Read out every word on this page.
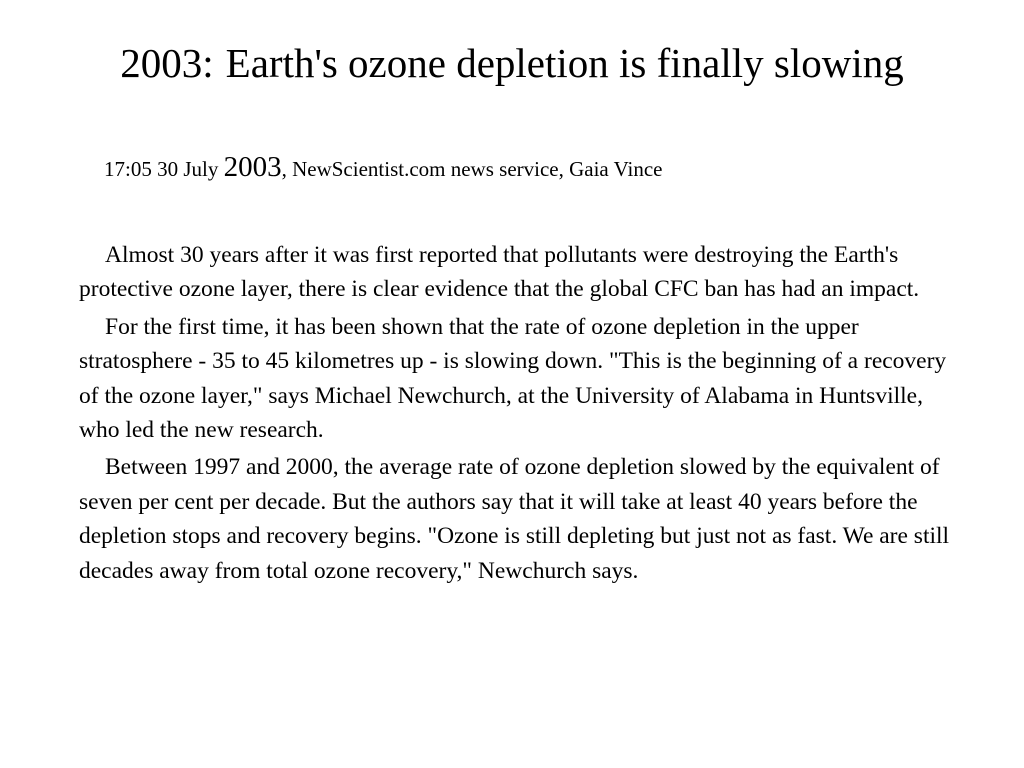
2003: Earth's ozone depletion is finally slowing
17:05 30 July 2003, NewScientist.com news service, Gaia Vince

Almost 30 years after it was first reported that pollutants were destroying the Earth's protective ozone layer, there is clear evidence that the global CFC ban has had an impact.

For the first time, it has been shown that the rate of ozone depletion in the upper stratosphere - 35 to 45 kilometres up - is slowing down. "This is the beginning of a recovery of the ozone layer," says Michael Newchurch, at the University of Alabama in Huntsville, who led the new research.

Between 1997 and 2000, the average rate of ozone depletion slowed by the equivalent of seven per cent per decade. But the authors say that it will take at least 40 years before the depletion stops and recovery begins. "Ozone is still depleting but just not as fast. We are still decades away from total ozone recovery," Newchurch says.
